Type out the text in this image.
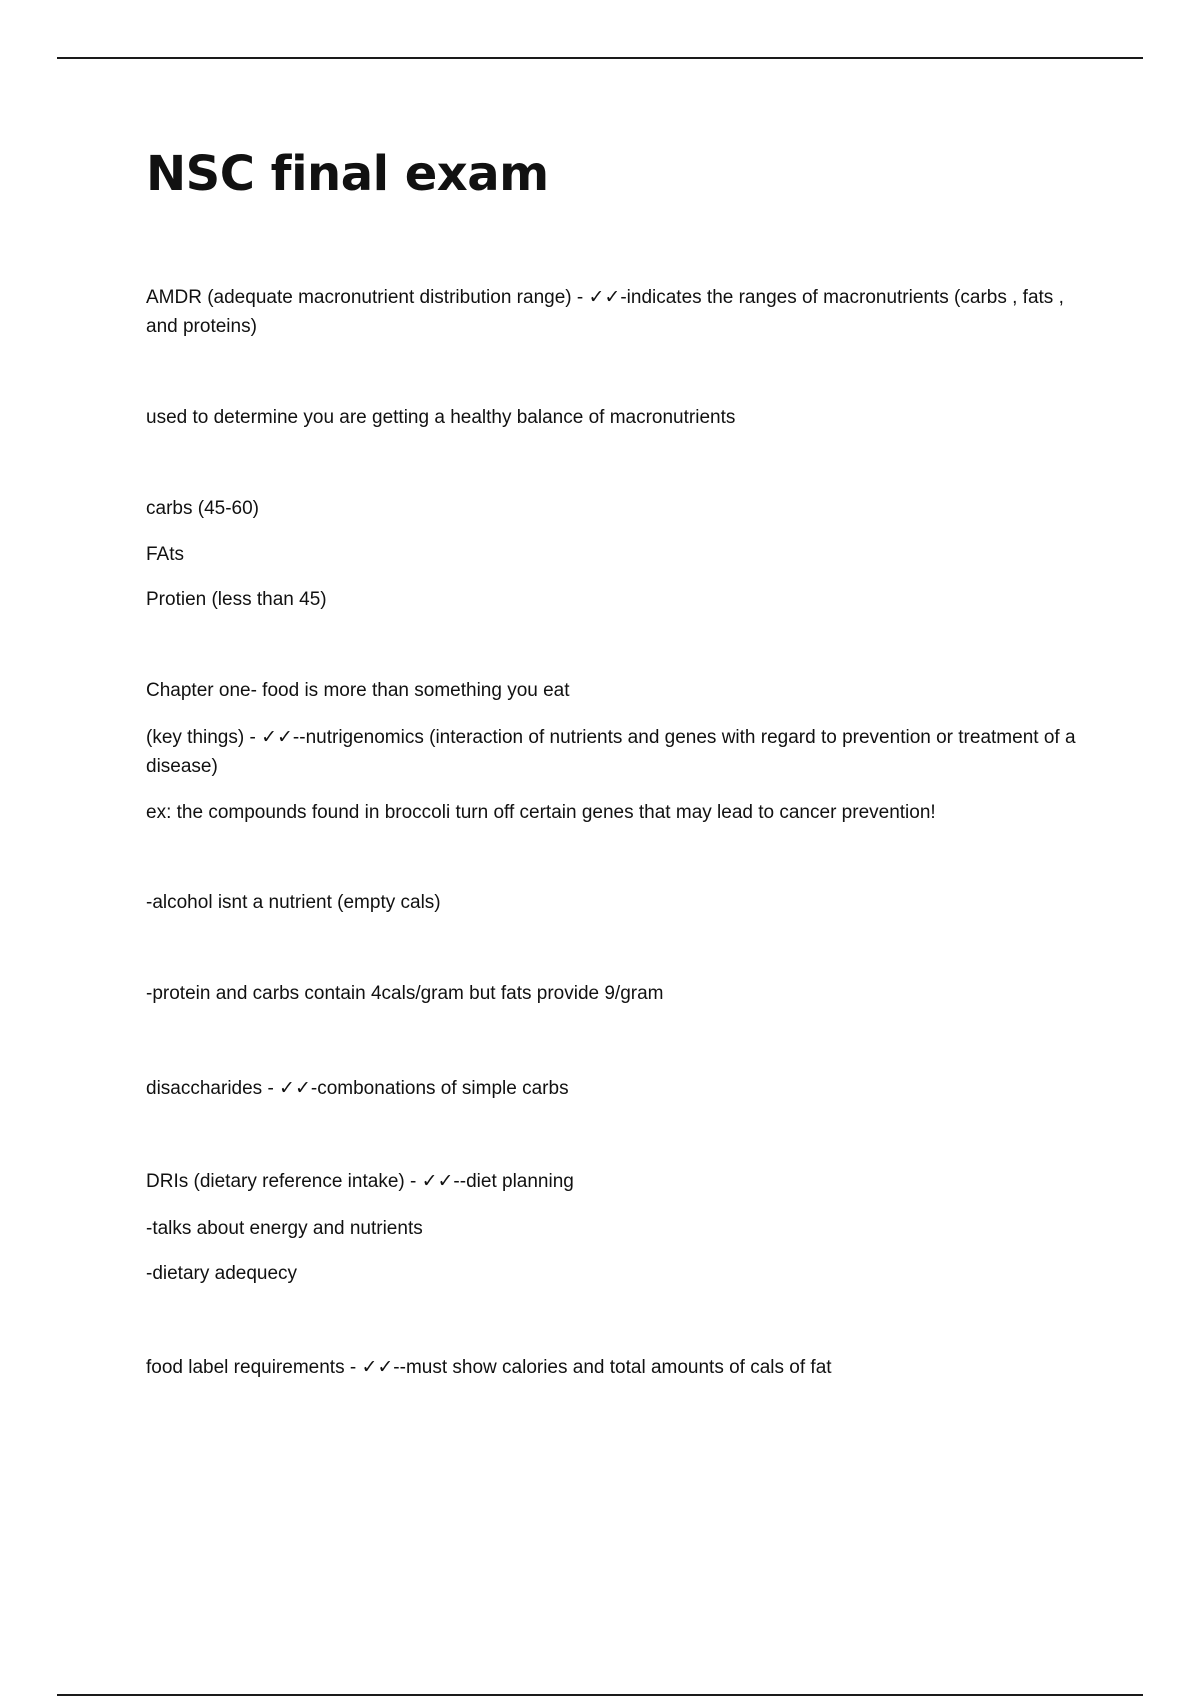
NSC final exam

AMDR (adequate macronutrient distribution range) - ✓✓-indicates the ranges of macronutrients (carbs , fats , and proteins)

used to determine you are getting a healthy balance of macronutrients

carbs (45-60)

FAts

Protien (less than 45)

Chapter one- food is more than something you eat

(key things) - ✓✓--nutrigenomics (interaction of nutrients and genes with regard to prevention or treatment of a disease)

ex: the compounds found in broccoli turn off certain genes that may lead to cancer prevention!

-alcohol isnt a nutrient (empty cals)

-protein and carbs contain 4cals/gram but fats provide 9/gram

disaccharides - ✓✓-combonations of simple carbs

DRIs (dietary reference intake) - ✓✓--diet planning

-talks about energy and nutrients

-dietary adequecy

food label requirements - ✓✓--must show calories and total amounts of cals of fat
